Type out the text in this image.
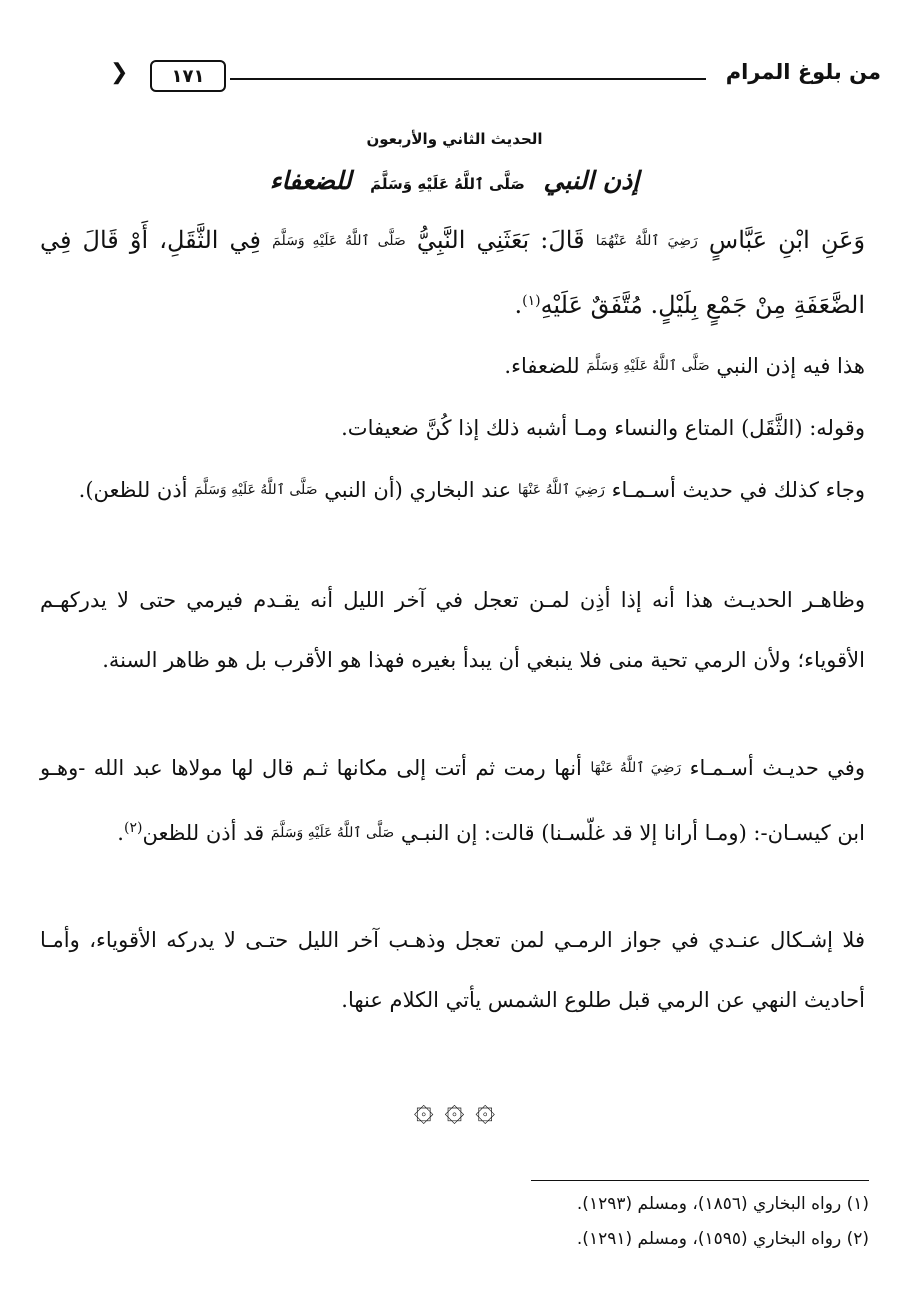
من بلوغ المرام
١٧١
❮
الحديث الثاني والأربعون
إذن النبي صَلَّى ٱللَّهُ عَلَيْهِ وَسَلَّمَ للضعفاء
وَعَنِ ابْنِ عَبَّاسٍ رَضِيَ ٱللَّهُ عَنْهُمَا قَالَ: بَعَثَنِي النَّبِيُّ صَلَّى ٱللَّهُ عَلَيْهِ وَسَلَّمَ فِي الثَّقَلِ، أَوْ قَالَ فِي الضَّعَفَةِ مِنْ جَمْعٍ بِلَيْلٍ. مُتَّفَقٌ عَلَيْهِ$^{(١)}$.
هذا فيه إذن النبي صَلَّى ٱللَّهُ عَلَيْهِ وَسَلَّمَ للضعفاء.
وقوله: (الثَّقَل) المتاع والنساء ومـا أشبه ذلك إذا كُنَّ ضعيفات.
وجاء كذلك في حديث أسـمـاء رَضِيَ ٱللَّهُ عَنْهَا عند البخاري (أن النبي صَلَّى ٱللَّهُ عَلَيْهِ وَسَلَّمَ أذن للظعن).
وظاهـر الحديـث هذا أنه إذا أذِن لمـن تعجل في آخر الليل أنه يقـدم فيرمي حتى لا يدركهـم الأقوياء؛ ولأن الرمي تحية منى فلا ينبغي أن يبدأ بغيره فهذا هو الأقرب بل هو ظاهر السنة.
وفي حديـث أسـمـاء رَضِيَ ٱللَّهُ عَنْهَا أنها رمت ثم أتت إلى مكانها ثـم قال لها مولاها عبد الله -وهـو ابن كيسـان-: (ومـا أرانا إلا قد غلّسـنا) قالت: إن النبـي صَلَّى ٱللَّهُ عَلَيْهِ وَسَلَّمَ قد أذن للظعن$^{(٢)}$.
فلا إشـكال عنـدي في جواز الرمـي لمن تعجل وذهـب آخر الليل حتـى لا يدركه الأقوياء، وأمـا أحاديث النهي عن الرمي قبل طلوع الشمس يأتي الكلام عنها.
۞ ۞ ۞
(١) رواه البخاري (١٨٥٦)، ومسلم (١٢٩٣).
(٢) رواه البخاري (١٥٩٥)، ومسلم (١٢٩١).
